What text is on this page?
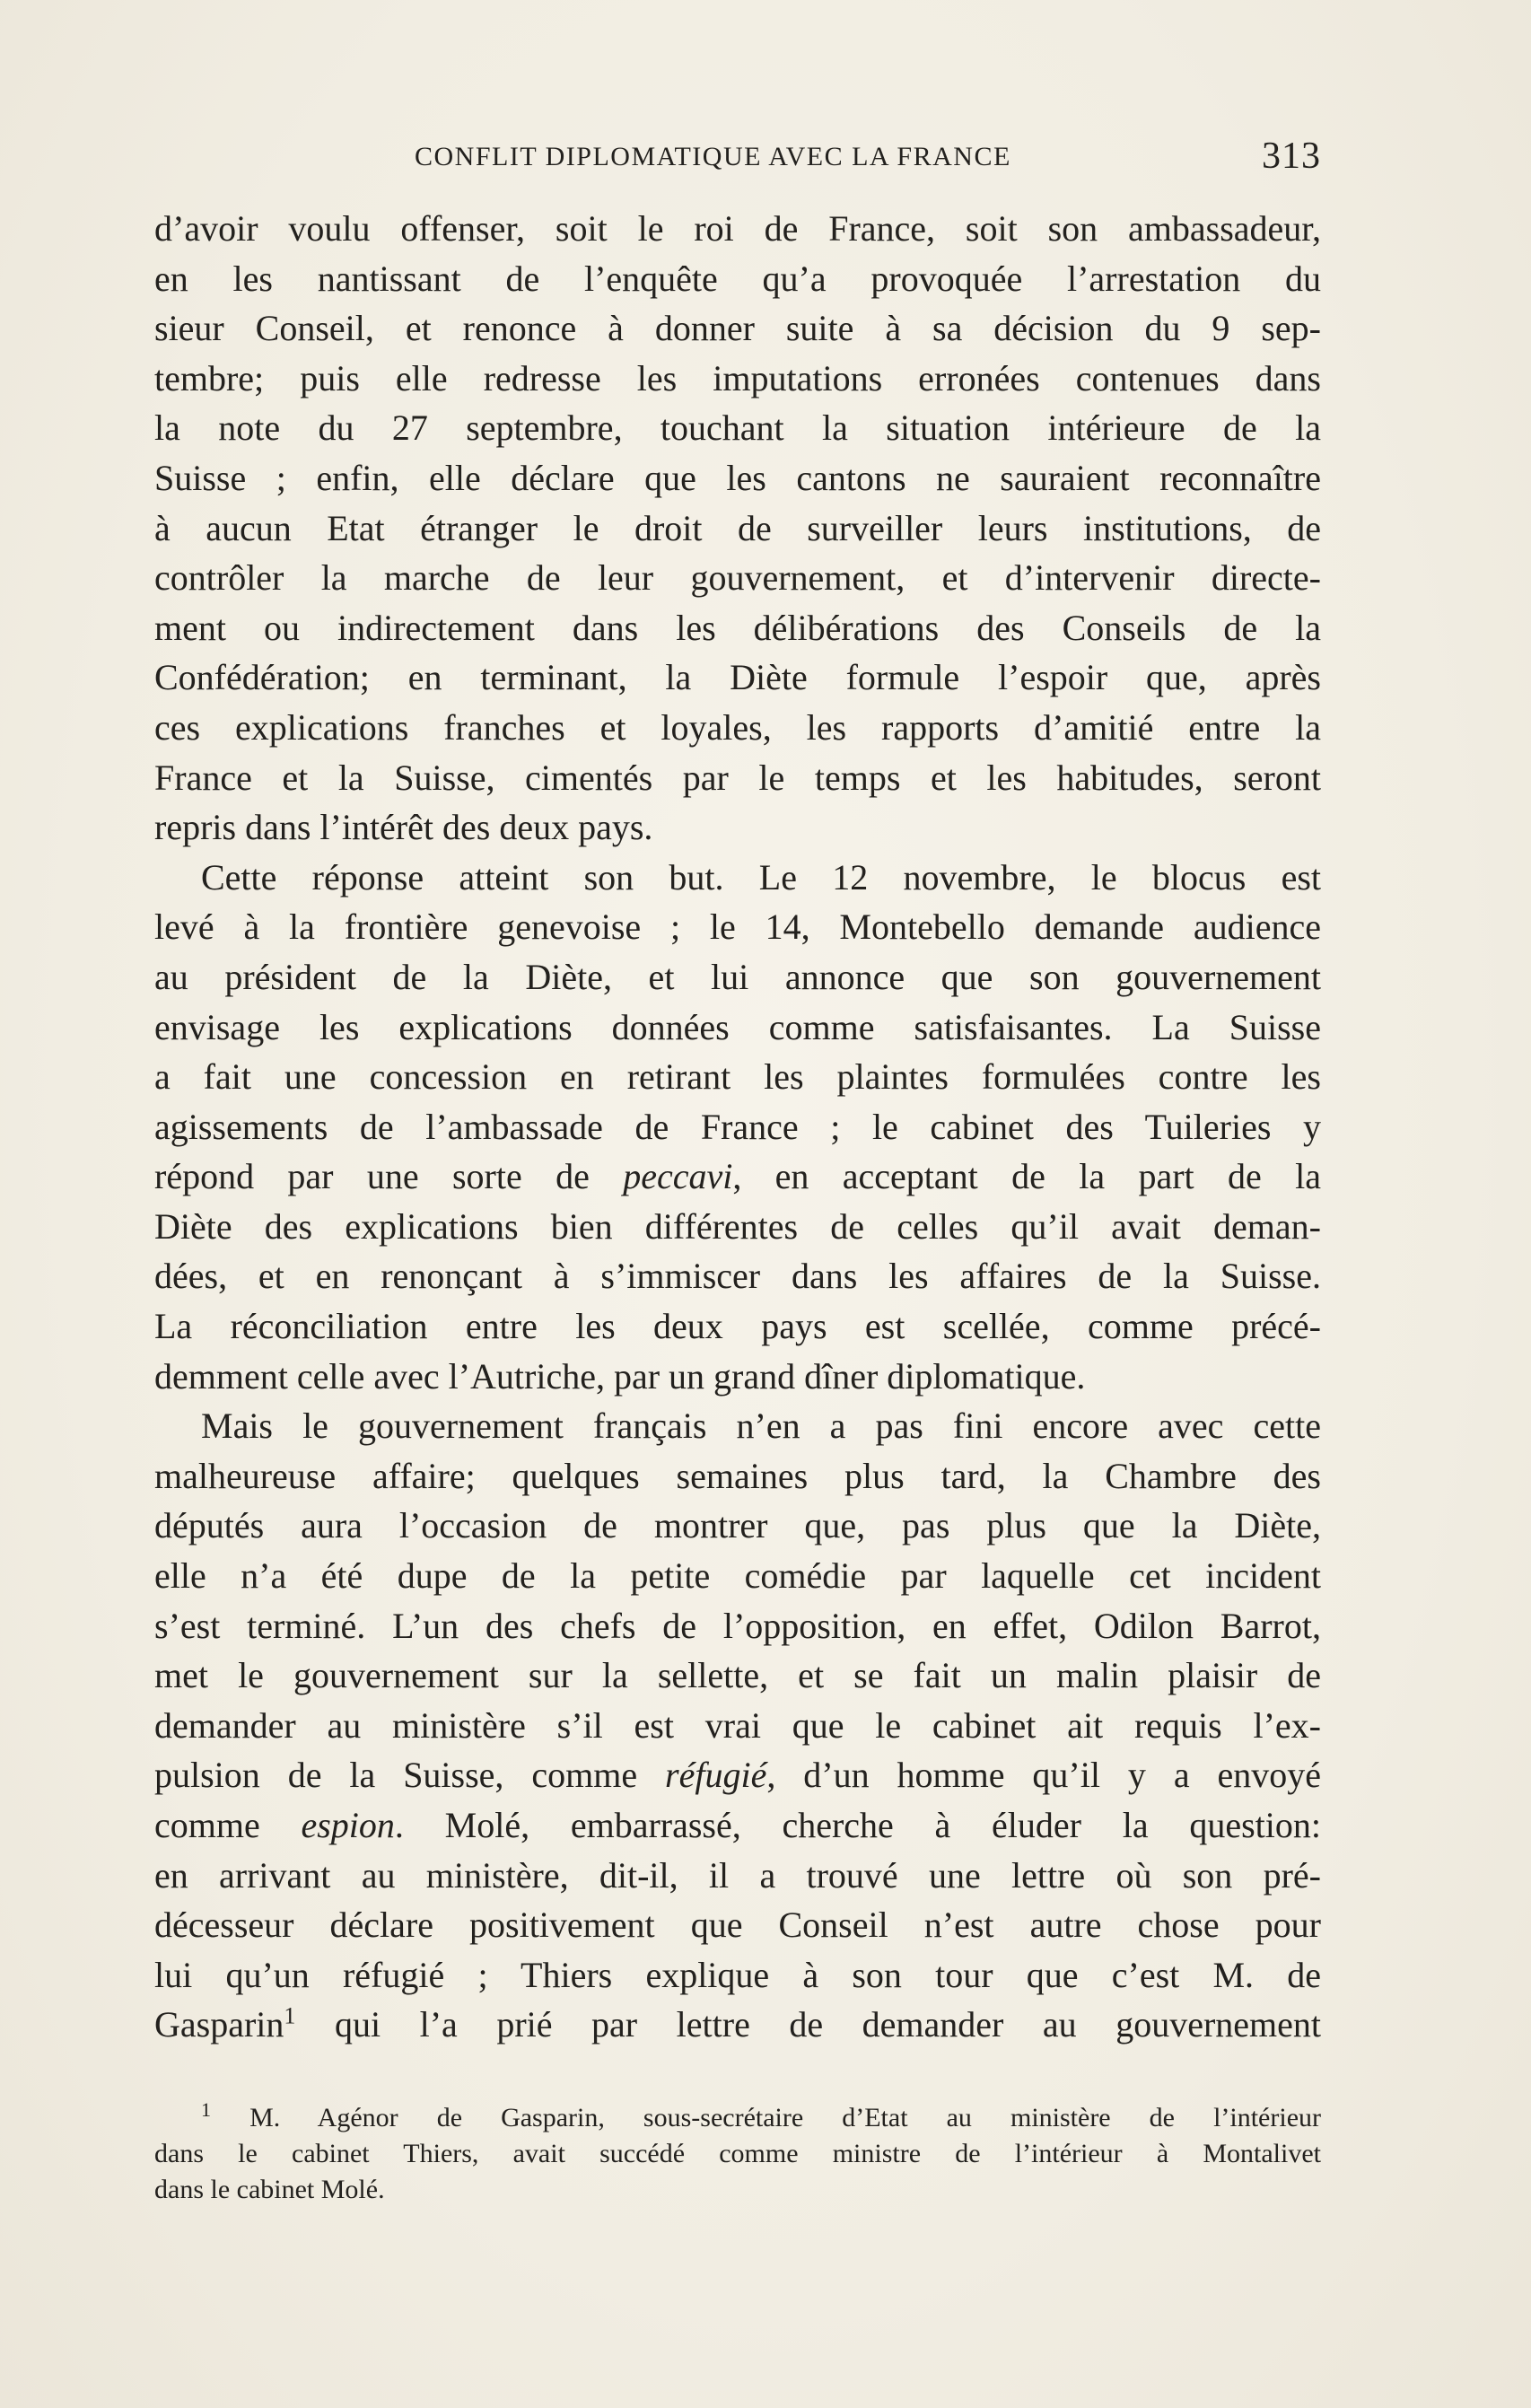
CONFLIT DIPLOMATIQUE AVEC LA FRANCE	313
d’avoir voulu offenser, soit le roi de France, soit son ambassadeur,
en les nantissant de l’enquête qu’a provoquée l’arrestation du
sieur Conseil, et renonce à donner suite à sa décision du 9 sep-
tembre; puis elle redresse les imputations erronées contenues dans
la note du 27 septembre, touchant la situation intérieure de la
Suisse ; enfin, elle déclare que les cantons ne sauraient reconnaître
à aucun Etat étranger le droit de surveiller leurs institutions, de
contrôler la marche de leur gouvernement, et d’intervenir directe-
ment ou indirectement dans les délibérations des Conseils de la
Confédération; en terminant, la Diète formule l’espoir que, après
ces explications franches et loyales, les rapports d’amitié entre la
France et la Suisse, cimentés par le temps et les habitudes, seront
repris dans l’intérêt des deux pays.
Cette réponse atteint son but. Le 12 novembre, le blocus est
levé à la frontière genevoise ; le 14, Montebello demande audience
au président de la Diète, et lui annonce que son gouvernement
envisage les explications données comme satisfaisantes. La Suisse
a fait une concession en retirant les plaintes formulées contre les
agissements de l’ambassade de France ; le cabinet des Tuileries y
répond par une sorte de peccavi, en acceptant de la part de la
Diète des explications bien différentes de celles qu’il avait deman-
dées, et en renonçant à s’immiscer dans les affaires de la Suisse.
La réconciliation entre les deux pays est scellée, comme précé-
demment celle avec l’Autriche, par un grand dîner diplomatique.
Mais le gouvernement français n’en a pas fini encore avec cette
malheureuse affaire; quelques semaines plus tard, la Chambre des
députés aura l’occasion de montrer que, pas plus que la Diète,
elle n’a été dupe de la petite comédie par laquelle cet incident
s’est terminé. L’un des chefs de l’opposition, en effet, Odilon Barrot,
met le gouvernement sur la sellette, et se fait un malin plaisir de
demander au ministère s’il est vrai que le cabinet ait requis l’ex-
pulsion de la Suisse, comme réfugié, d’un homme qu’il y a envoyé
comme espion. Molé, embarrassé, cherche à éluder la question:
en arrivant au ministère, dit-il, il a trouvé une lettre où son pré-
décesseur déclare positivement que Conseil n’est autre chose pour
lui qu’un réfugié ; Thiers explique à son tour que c’est M. de
Gasparin$^1$ qui l’a prié par lettre de demander au gouvernement
$^1$ M. Agénor de Gasparin, sous-secrétaire d’Etat au ministère de l’intérieur
dans le cabinet Thiers, avait succédé comme ministre de l’intérieur à Montalivet
dans le cabinet Molé.
